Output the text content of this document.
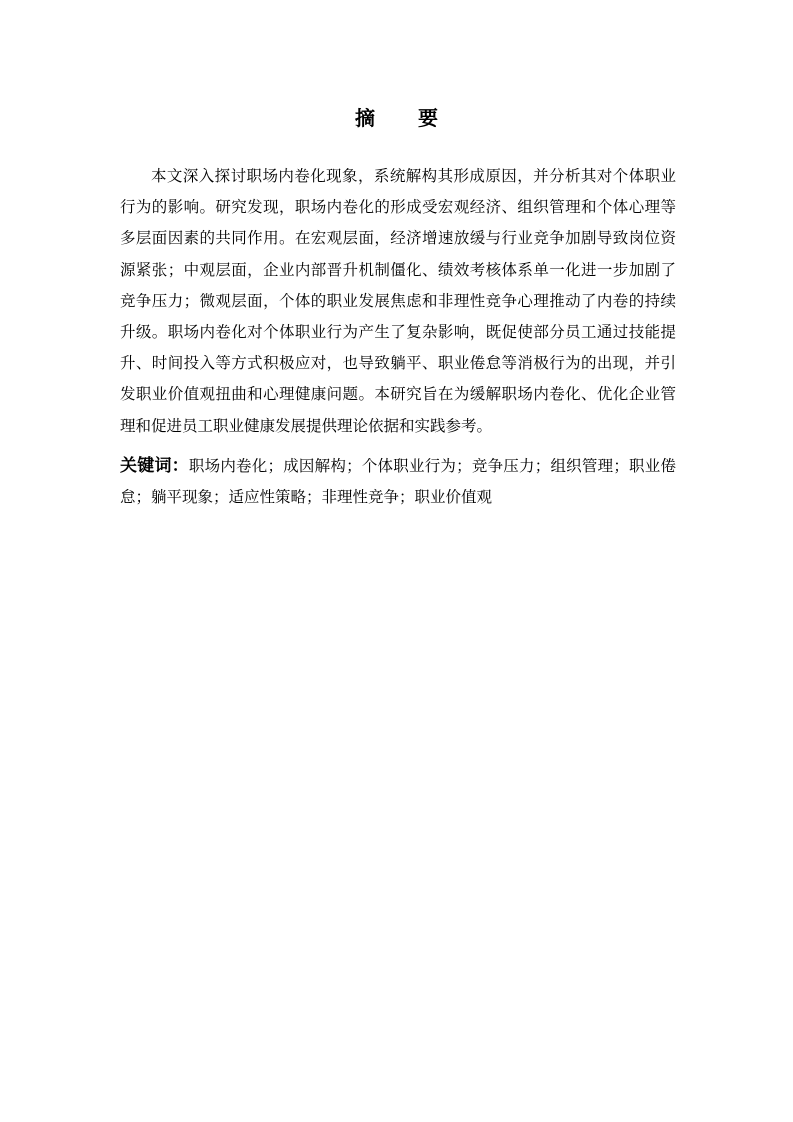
摘 要

本文深入探讨职场内卷化现象，系统解构其形成原因，并分析其对个体职业行为的影响。研究发现，职场内卷化的形成受宏观经济、组织管理和个体心理等多层面因素的共同作用。在宏观层面，经济增速放缓与行业竞争加剧导致岗位资源紧张；中观层面，企业内部晋升机制僵化、绩效考核体系单一化进一步加剧了竞争压力；微观层面，个体的职业发展焦虑和非理性竞争心理推动了内卷的持续升级。职场内卷化对个体职业行为产生了复杂影响，既促使部分员工通过技能提升、时间投入等方式积极应对，也导致躺平、职业倦怠等消极行为的出现，并引发职业价值观扭曲和心理健康问题。本研究旨在为缓解职场内卷化、优化企业管理和促进员工职业健康发展提供理论依据和实践参考。

关键词：职场内卷化；成因解构；个体职业行为；竞争压力；组织管理；职业倦怠；躺平现象；适应性策略；非理性竞争；职业价值观
